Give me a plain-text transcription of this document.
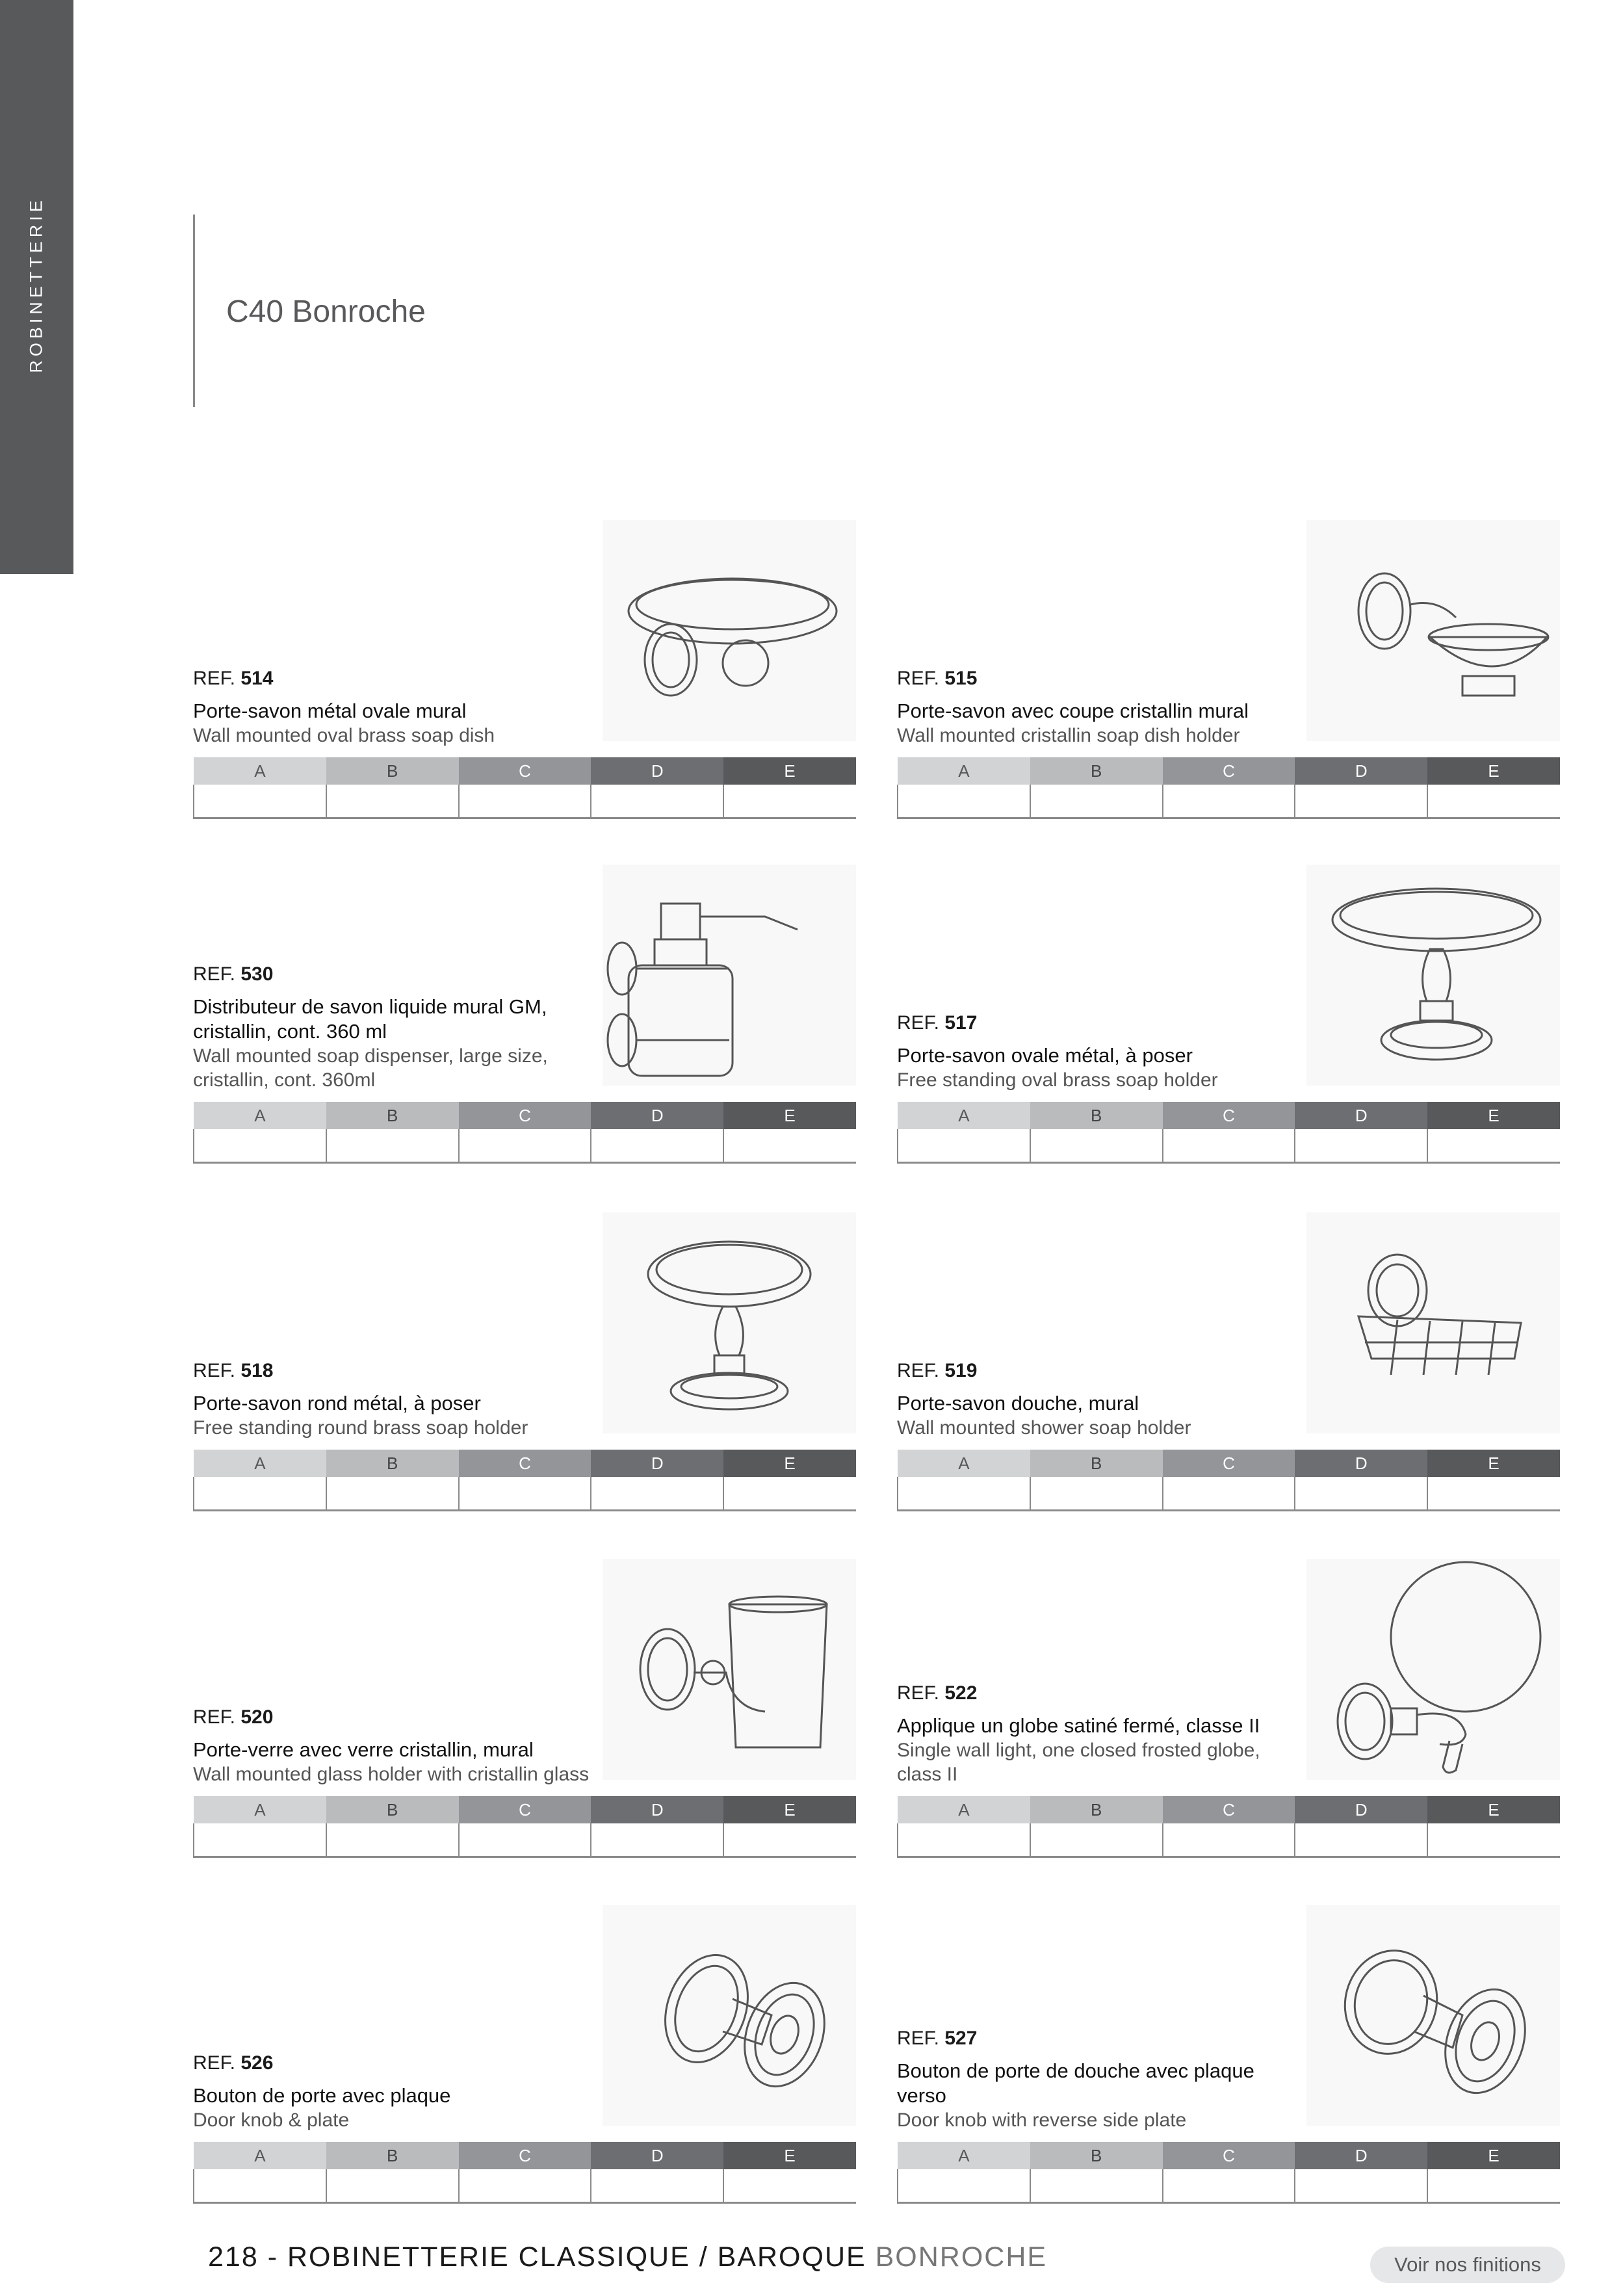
ROBINETTERIE	C40 Bonroche
REF. 514
Porte-savon métal ovale mural
Wall mounted oval brass soap dish
A	B	C	D	E

REF. 515
Porte-savon avec coupe cristallin mural
Wall mounted cristallin soap dish holder
A	B	C	D	E

REF. 530
Distributeur de savon liquide mural GM, cristallin, cont. 360 ml
Wall mounted soap dispenser, large size, cristallin, cont. 360ml
A	B	C	D	E

REF. 517
Porte-savon ovale métal, à poser
Free standing oval brass soap holder
A	B	C	D	E

REF. 518
Porte-savon rond métal, à poser
Free standing round brass soap holder
A	B	C	D	E

REF. 519
Porte-savon douche, mural
Wall mounted shower soap holder
A	B	C	D	E

REF. 520
Porte-verre avec verre cristallin, mural
Wall mounted glass holder with cristallin glass
A	B	C	D	E

REF. 522
Applique un globe satiné fermé, classe II
Single wall light, one closed frosted globe, class II
A	B	C	D	E

REF. 526
Bouton de porte avec plaque
Door knob & plate
A	B	C	D	E

REF. 527
Bouton de porte de douche avec plaque verso
Door knob with reverse side plate
A	B	C	D	E

218 - ROBINETTERIE CLASSIQUE / BAROQUE BONROCHE	Voir nos finitions
